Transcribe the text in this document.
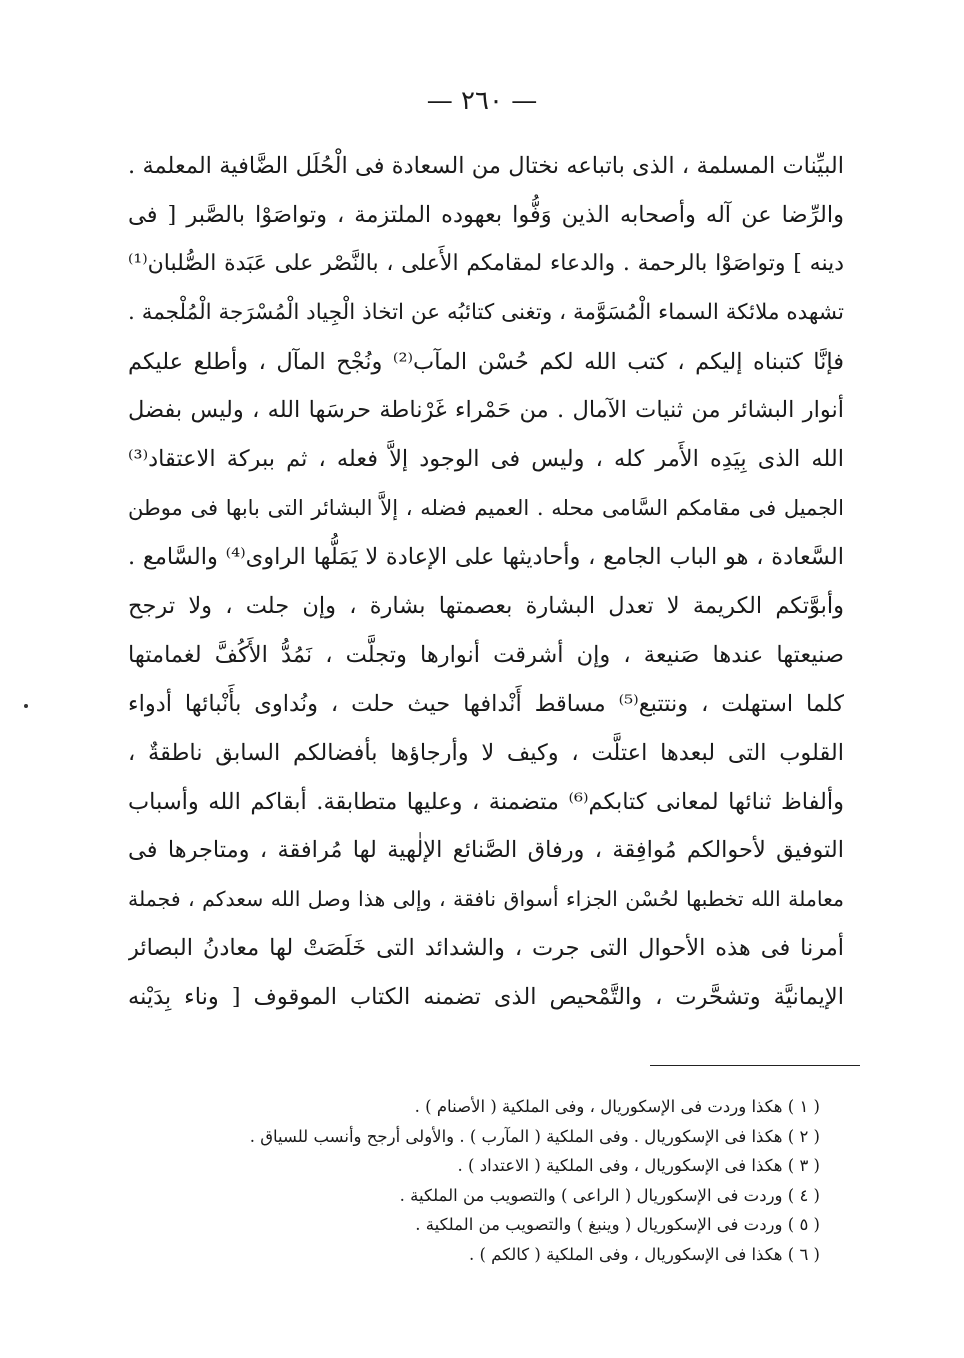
— ٢٦٠ —
البيِّنات المسلمة ، الذى باتباعه نختال من السعادة فى الْحُلَل الضَّافية المعلمة .
والرِّضا عن آله وأصحابه الذين وَفُّوا بعهوده الملتزمة ، وتواصَوْا بالصَّبر [ فى
دينه ] وتواصَوْا بالرحمة . والدعاء لمقامكم الأَعلى ، بالنَّصْر على عَبَدة الصُّلبان⁽¹⁾
تشهده ملائكة السماء الْمُسَوَّمة ، وتغنى كتائبُه عن اتخاذ الْجِياد الْمُسْرَجة الْمُلْجمة .
فإنَّا كتبناه إليكم ، كتب الله لكم حُسْن المآب⁽²⁾ ونُجْح المآل ، وأطلع عليكم
أنوار البشائر من ثنيات الآمال . من حَمْراء غَرْناطة حرسَها الله ، وليس بفضل
الله الذى بِيَدِه الأَمر كله ، وليس فى الوجود إلاَّ فعله ، ثم ببركة الاعتقاد⁽³⁾
الجميل فى مقامكم السَّامى محله . العميم فضله ، إلاَّ البشائر التى بابها فى موطن
السَّعادة ، هو الباب الجامع ، وأحاديثها على الإعادة لا يَمَلُّها الراوى⁽⁴⁾ والسَّامع .
وأبوَّتكم الكريمة لا تعدل البشارة بعصمتها بشارة ، وإن جلت ، ولا ترجح
صنيعتها عندها صَنيعة ، وإن أشرقت أنوارها وتجلَّت ، نَمُدُّ الأَكُفَّ لغمامتها
كلما استهلت ، ونتتبع⁽⁵⁾ مساقط أَنْدافها حيث حلت ، ونُداوى بأَنْبائها أدواء
القلوب التى لبعدها اعتلَّت ، وكيف لا وأرجاؤها بأفضالكم السابق ناطقةٌ ،
وألفاظ ثنائها لمعانى كتابكم⁽⁶⁾ متضمنة ، وعليها متطابقة. أبقاكم الله وأسباب
التوفيق لأحوالكم مُوافِقة ، ورفاق الصَّنائع الإلٰهية لها مُرافقة ، ومتاجرها فى
معاملة الله تخطبها لحُسْن الجزاء أسواق نافقة ، وإلى هذا وصل الله سعدكم ، فجملة
أمرنا فى هذه الأحوال التى جرت ، والشدائد التى خَلَصَتْ لها معادنُ البصائر
الإيمانيَّة وتشحَّرت ، والتَّمْحيص الذى تضمنه الكتاب الموقوف [ وناء بِدَيْنه
( ١ ) هكذا وردت فى الإسكوريال ، وفى الملكية ( الأصنام ) .
( ٢ ) هكذا فى الإسكوريال . وفى الملكية ( المآرب ) . والأولى أرجح وأنسب للسياق .
( ٣ ) هكذا فى الإسكوريال ، وفى الملكية ( الاعتداد ) .
( ٤ ) وردت فى الإسكوريال ( الراعى ) والتصويب من الملكية .
( ٥ ) وردت فى الإسكوريال ( وينبغ ) والتصويب من الملكية .
( ٦ ) هكذا فى الإسكوريال ، وفى الملكية ( كالكم ) .
